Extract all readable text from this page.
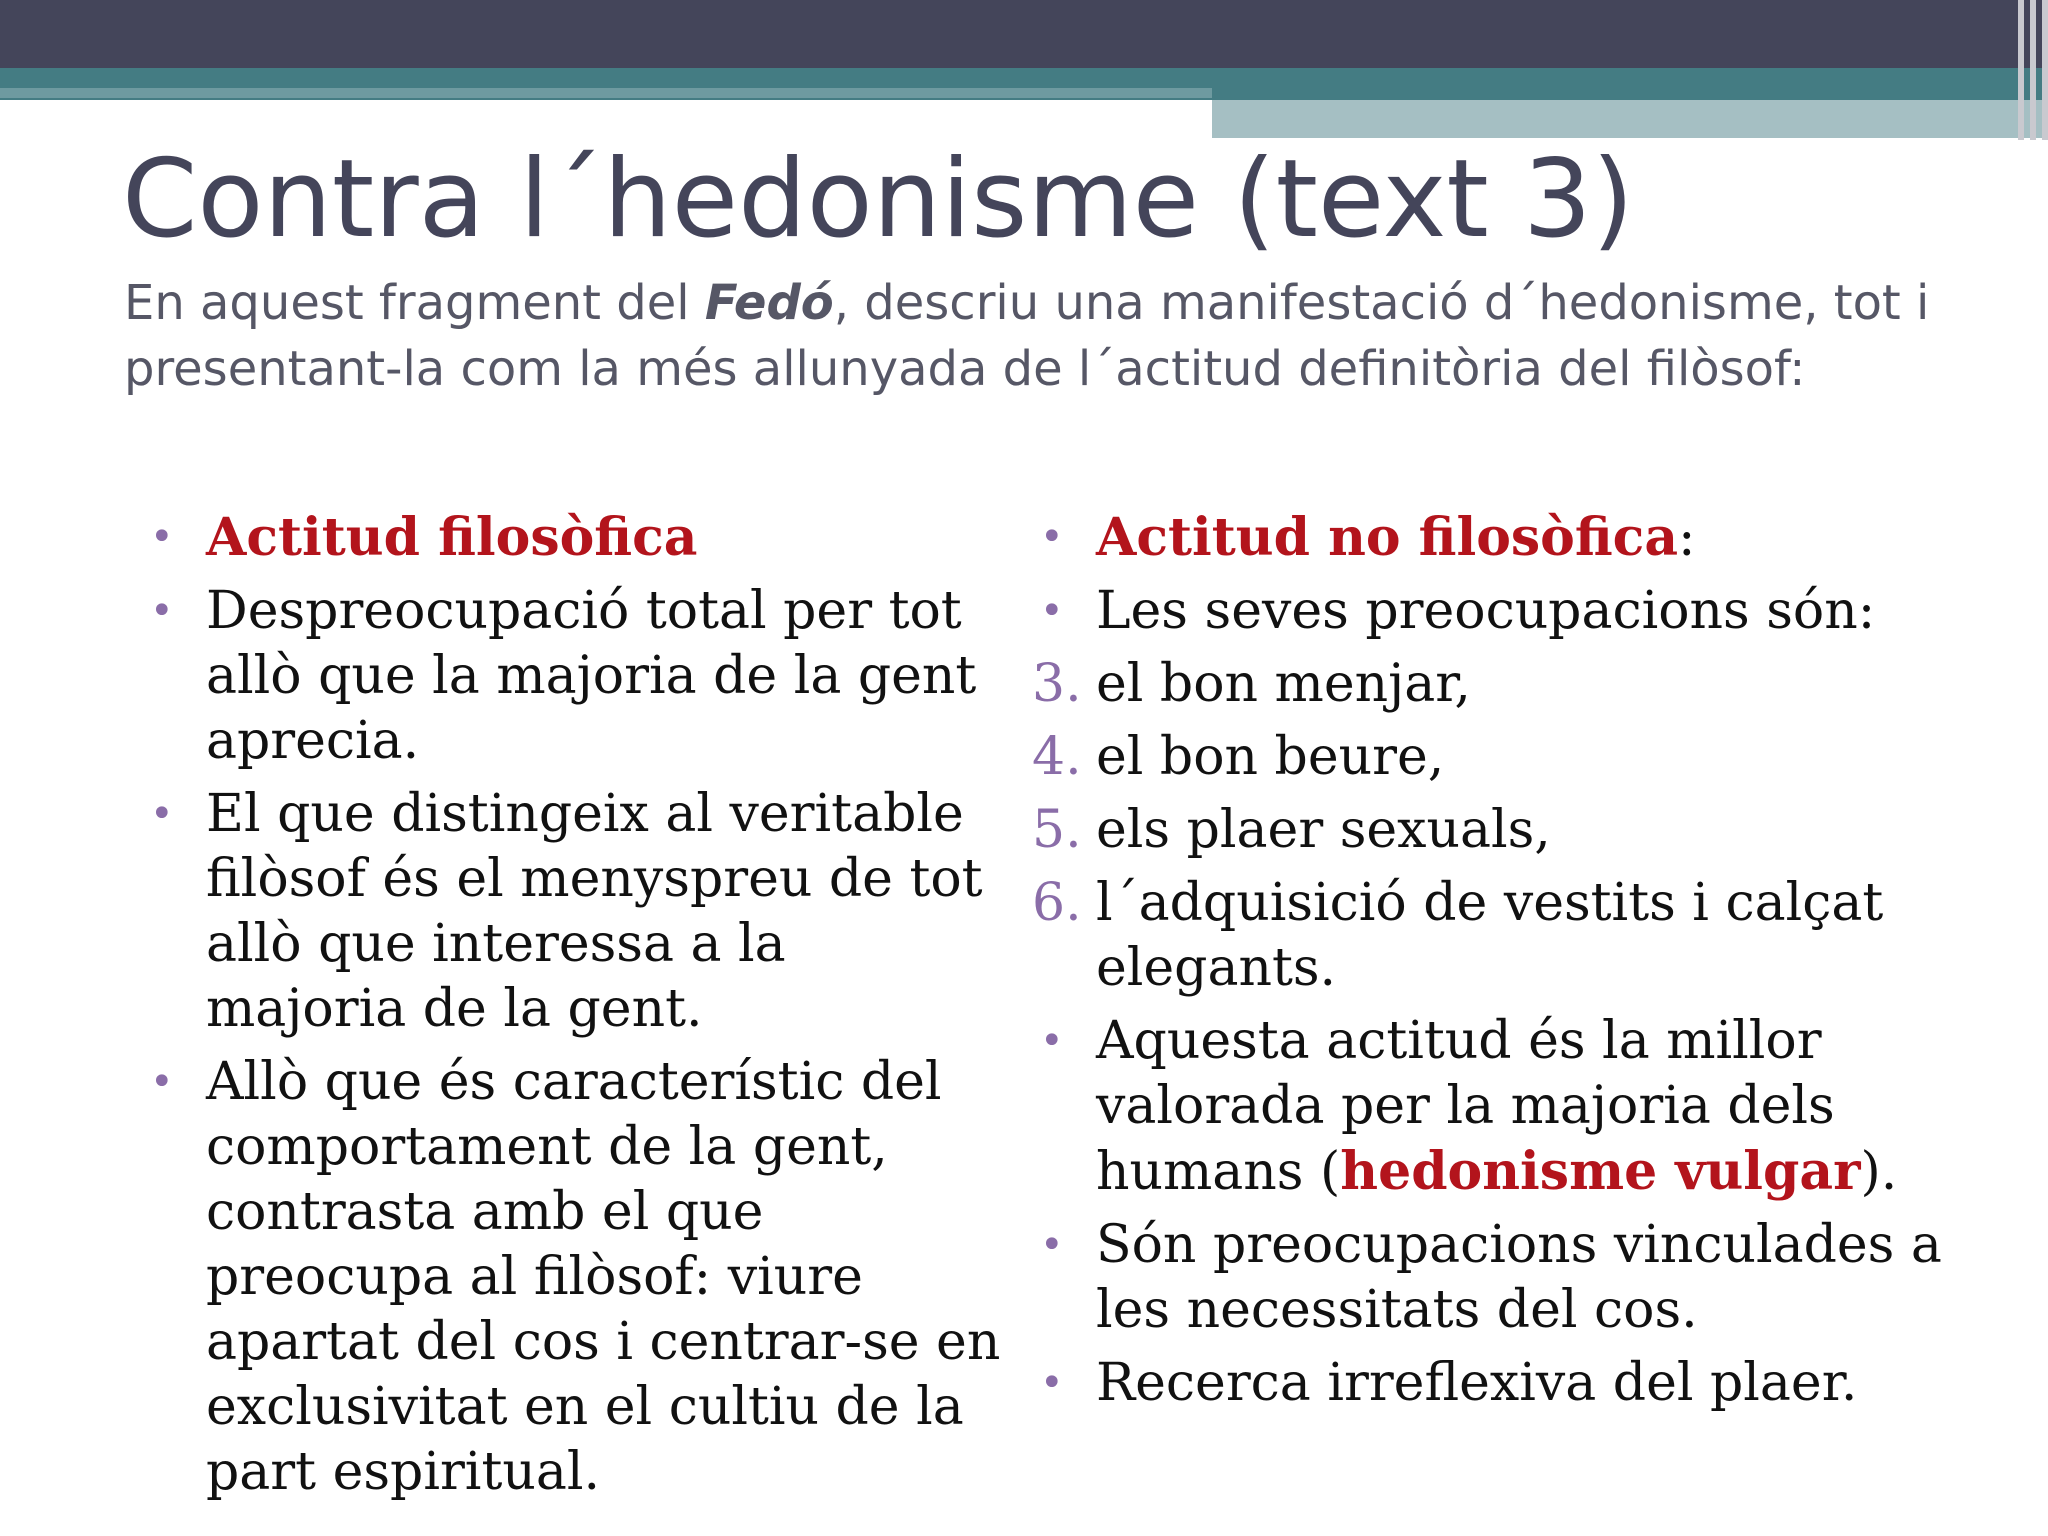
Contra l´hedonisme (text 3)

En aquest fragment del Fedó, descriu una manifestació d´hedonisme, tot i presentant-la com la més allunyada de l´actitud definitòria del filòsof:

• Actitud filosòfica
• Despreocupació total per tot allò que la majoria de la gent aprecia.
• El que distingeix al veritable filòsof és el menyspreu de tot allò que interessa a la majoria de la gent.
• Allò que és característic del comportament de la gent, contrasta amb el que preocupa al filòsof: viure apartat del cos i centrar-se en exclusivitat en el cultiu de la part espiritual.
• Actitud no filosòfica:
• Les seves preocupacions són:
3. el bon menjar,
4. el bon beure,
5. els plaer sexuals,
6. l´adquisició de vestits i calçat elegants.
• Aquesta actitud és la millor valorada per la majoria dels humans (hedonisme vulgar).
• Són preocupacions vinculades a les necessitats del cos.
• Recerca irreflexiva del plaer.
